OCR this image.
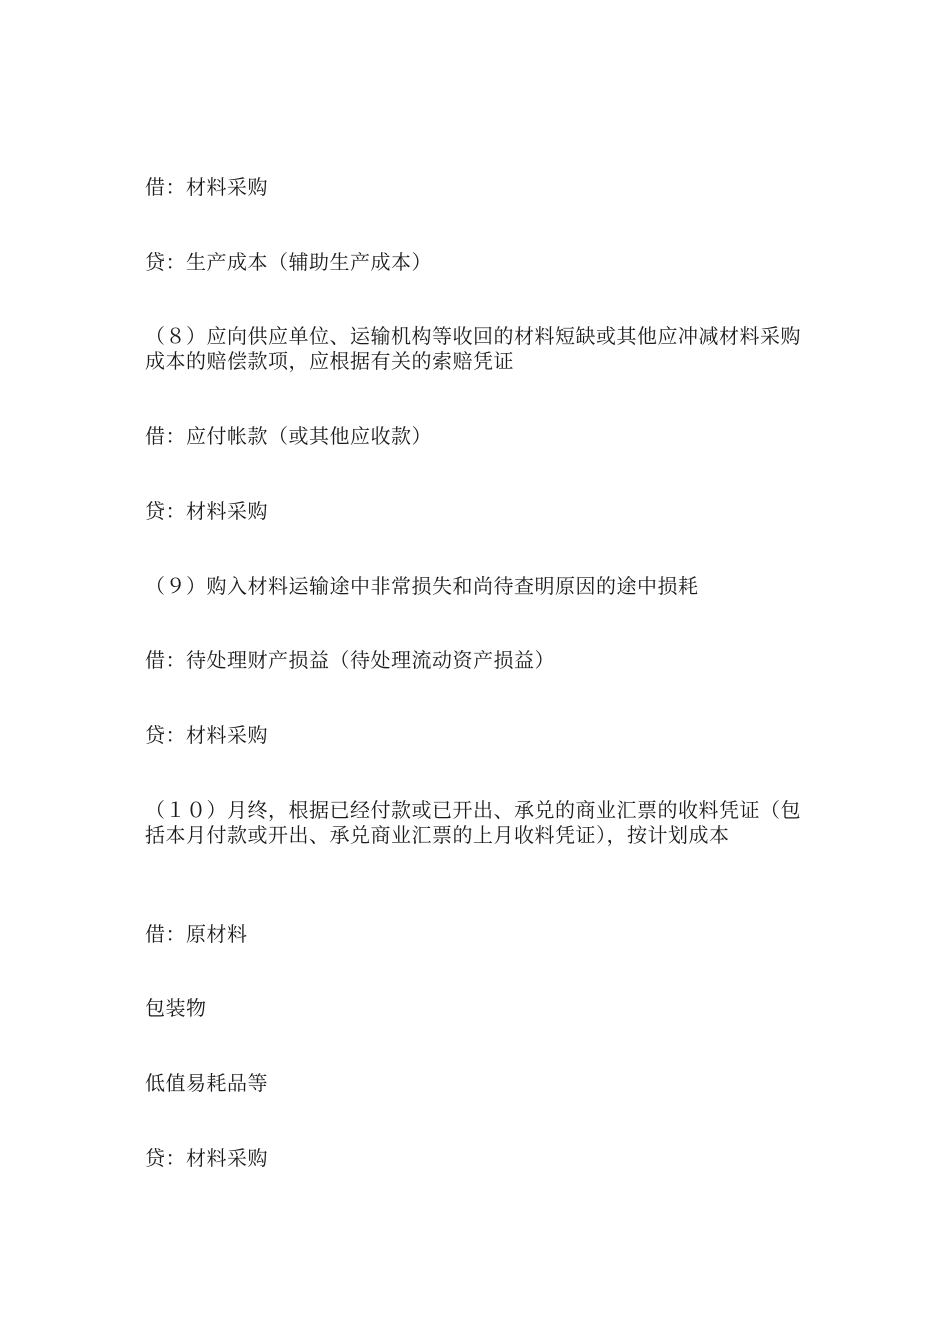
借：材料采购

贷：生产成本（辅助生产成本）

（８）应向供应单位、运输机构等收回的材料短缺或其他应冲减材料采购成本的赔偿款项，应根据有关的索赔凭证

借：应付帐款（或其他应收款）

贷：材料采购

（９）购入材料运输途中非常损失和尚待查明原因的途中损耗

借：待处理财产损益（待处理流动资产损益）

贷：材料采购

（１０）月终，根据已经付款或已开出、承兑的商业汇票的收料凭证（包括本月付款或开出、承兑商业汇票的上月收料凭证），按计划成本

借：原材料

包装物

低值易耗品等

贷：材料采购
